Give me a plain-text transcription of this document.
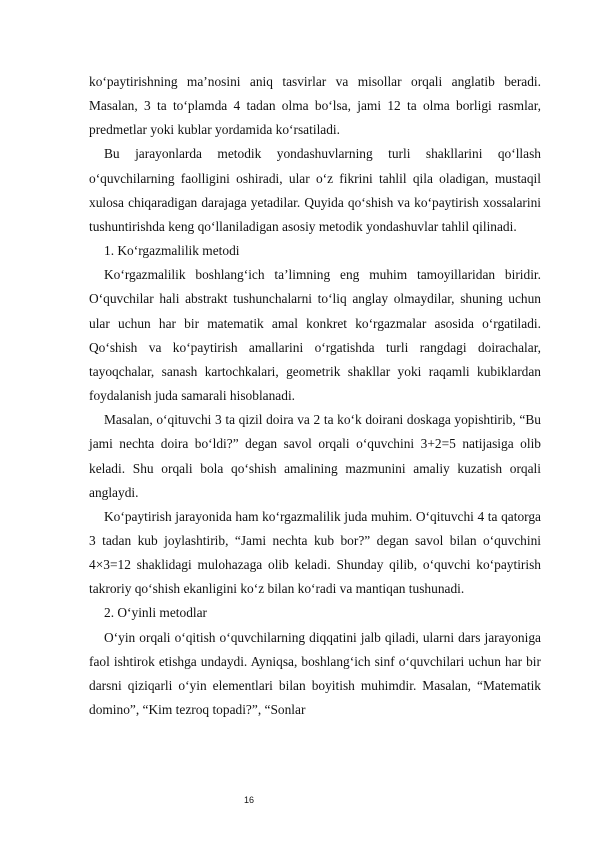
ko‘paytirishning ma’nosini aniq tasvirlar va misollar orqali anglatib beradi. Masalan, 3 ta to‘plamda 4 tadan olma bo‘lsa, jami 12 ta olma borligi rasmlar, predmetlar yoki kublar yordamida ko‘rsatiladi.

Bu jarayonlarda metodik yondashuvlarning turli shakllarini qo‘llash o‘quvchilarning faolligini oshiradi, ular o‘z fikrini tahlil qila oladigan, mustaqil xulosa chiqaradigan darajaga yetadilar. Quyida qo‘shish va ko‘paytirish xossalarini tushuntirishda keng qo‘llaniladigan asosiy metodik yondashuvlar tahlil qilinadi.

1. Ko‘rgazmalilik metodi

Ko‘rgazmalilik boshlang‘ich ta’limning eng muhim tamoyillaridan biridir. O‘quvchilar hali abstrakt tushunchalarni to‘liq anglay olmaydilar, shuning uchun ular uchun har bir matematik amal konkret ko‘rgazmalar asosida o‘rgatiladi. Qo‘shish va ko‘paytirish amallarini o‘rgatishda turli rangdagi doirachalar, tayoqchalar, sanash kartochkalari, geometrik shakllar yoki raqamli kubiklardan foydalanish juda samarali hisoblanadi.

Masalan, o‘qituvchi 3 ta qizil doira va 2 ta ko‘k doirani doskaga yopishtirib, “Bu jami nechta doira bo‘ldi?” degan savol orqali o‘quvchini 3+2=5 natijasiga olib keladi. Shu orqali bola qo‘shish amalining mazmunini amaliy kuzatish orqali anglaydi.

Ko‘paytirish jarayonida ham ko‘rgazmalilik juda muhim. O‘qituvchi 4 ta qatorga 3 tadan kub joylashtirib, “Jami nechta kub bor?” degan savol bilan o‘quvchini 4×3=12 shaklidagi mulohazaga olib keladi. Shunday qilib, o‘quvchi ko‘paytirish takroriy qo‘shish ekanligini ko‘z bilan ko‘radi va mantiqan tushunadi.

2. O‘yinli metodlar

O‘yin orqali o‘qitish o‘quvchilarning diqqatini jalb qiladi, ularni dars jarayoniga faol ishtirok etishga undaydi. Ayniqsa, boshlang‘ich sinf o‘quvchilari uchun har bir darsni qiziqarli o‘yin elementlari bilan boyitish muhimdir. Masalan, “Matematik domino”, “Kim tezroq topadi?”, “Sonlar

16
